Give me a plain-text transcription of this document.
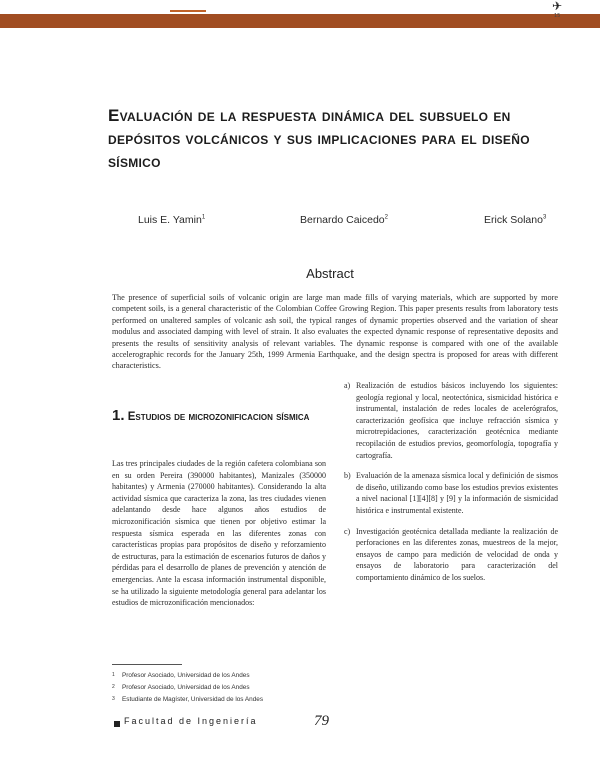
✈
15
Evaluación de la respuesta dinámica del subsuelo en depósitos volcánicos y sus implicaciones para el diseño sísmico
Luis E. Yamin$^1$	Bernardo Caicedo$^2$	Erick Solano$^3$
Abstract

The presence of superficial soils of volcanic origin are large man made fills of varying materials, which are supported by more competent soils, is a general characteristic of the Colombian Coffee Growing Region. This paper presents results from laboratory tests performed on unaltered samples of volcanic ash soil, the typical ranges of dynamic properties observed and the variation of shear modulus and associated damping with level of strain. It also evaluates the expected dynamic response of representative deposits and presents the results of sensitivity analysis of relevant variables. The dynamic response is compared with one of the available accelerographic records for the January 25th, 1999 Armenia Earthquake, and the design spectra is proposed for areas with different characteristics.

1. Estudios de microzonificacion sísmica

Las tres principales ciudades de la región cafetera colombiana son en su orden Pereira (390000 habitantes), Manizales (350000 habitantes) y Armenia (270000 habitantes). Considerando la alta actividad sísmica que caracteriza la zona, las tres ciudades vienen adelantando desde hace algunos años estudios de microzonificación sísmica que tienen por objetivo estimar la respuesta sísmica esperada en las diferentes zonas con características propias para propósitos de diseño y reforzamiento de estructuras, para la estimación de escenarios futuros de daños y pérdidas para el desarrollo de planes de prevención y atención de emergencias. Ante la escasa información instrumental disponible, se ha utilizado la siguiente metodología general para adelantar los estudios de microzonificación mencionados:

1 Profesor Asociado, Universidad de los Andes
2 Profesor Asociado, Universidad de los Andes
3 Estudiante de Magíster, Universidad de los Andes
a) Realización de estudios básicos incluyendo los siguientes: geología regional y local, neotectónica, sismicidad histórica e instrumental, instalación de redes locales de acelerógrafos, caracterización geofísica que incluye refracción sísmica y microtrepidaciones, caracterización geotécnica mediante recopilación de estudios previos, geomorfología, topografía y cartografía.
b) Evaluación de la amenaza sísmica local y definición de sismos de diseño, utilizando como base los estudios previos existentes a nivel nacional [1][4][8] y [9] y la información de sismicidad histórica e instrumental existente.
c) Investigación geotécnica detallada mediante la realización de perforaciones en las diferentes zonas, muestreos de la mejor, ensayos de campo para medición de velocidad de onda y ensayos de laboratorio para caracterización del comportamiento dinámico de los suelos.
Facultad de Ingeniería	79
